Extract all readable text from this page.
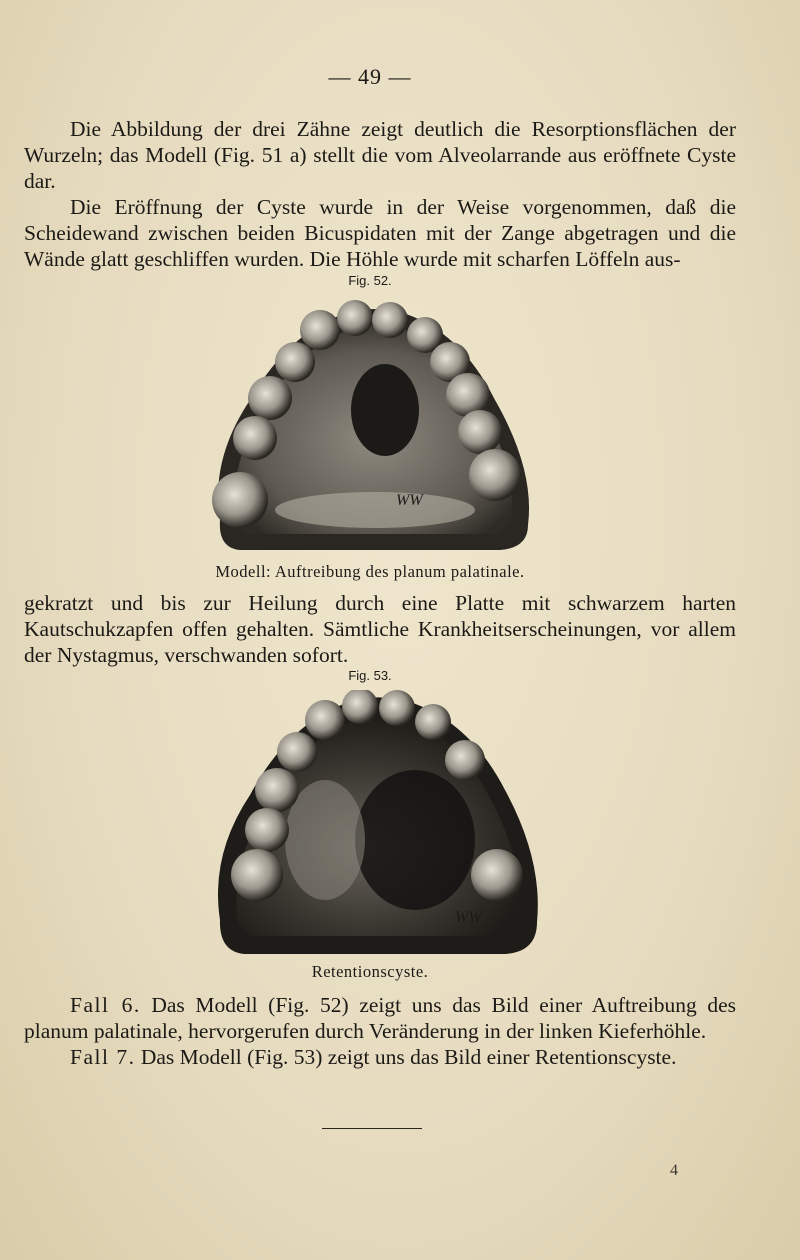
— 49 —
Die Abbildung der drei Zähne zeigt deutlich die Resorptionsflächen der Wurzeln; das Modell (Fig. 51 a) stellt die vom Alveolarrande aus eröffnete Cyste dar.
Die Eröffnung der Cyste wurde in der Weise vorgenommen, daß die Scheidewand zwischen beiden Bicuspidaten mit der Zange abgetragen und die Wände glatt geschliffen wurden. Die Höhle wurde mit scharfen Löffeln aus-
Fig. 52.
WW
Modell: Auftreibung des planum palatinale.
gekratzt und bis zur Heilung durch eine Platte mit schwarzem harten Kautschukzapfen offen gehalten. Sämtliche Krankheitserscheinungen, vor allem der Nystagmus, verschwanden sofort.
Fig. 53.
WW
Retentionscyste.
Fall 6. Das Modell (Fig. 52) zeigt uns das Bild einer Auftreibung des planum palatinale, hervorgerufen durch Veränderung in der linken Kieferhöhle.
Fall 7. Das Modell (Fig. 53) zeigt uns das Bild einer Retentionscyste.
4
